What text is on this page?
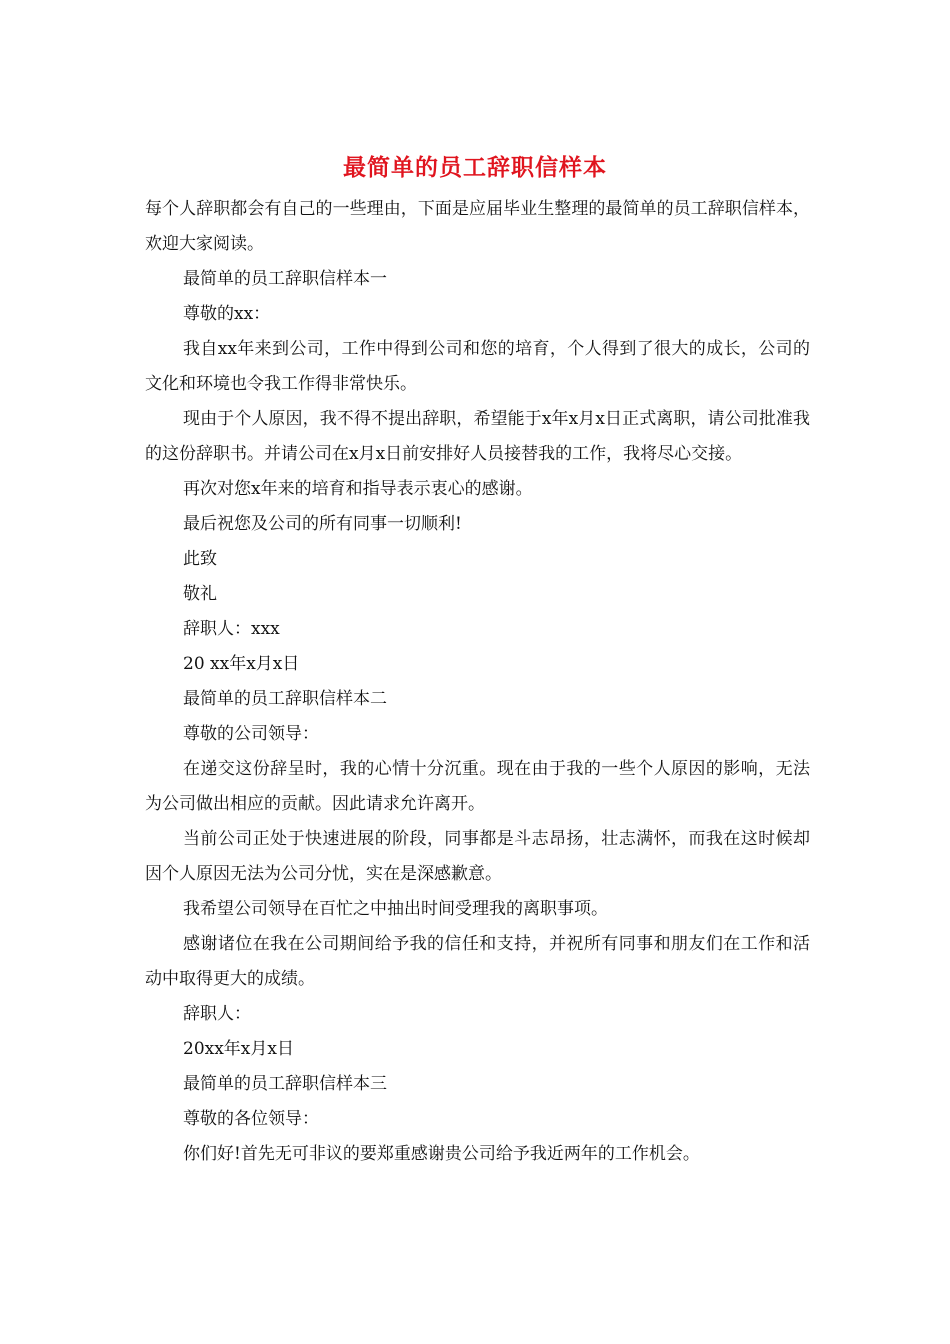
最简单的员工辞职信样本

每个人辞职都会有自己的一些理由，下面是应届毕业生整理的最简单的员工辞职信样本，欢迎大家阅读。

最简单的员工辞职信样本一

尊敬的xx：

我自xx年来到公司，工作中得到公司和您的培育，个人得到了很大的成长，公司的文化和环境也令我工作得非常快乐。

现由于个人原因，我不得不提出辞职，希望能于x年x月x日正式离职，请公司批准我的这份辞职书。并请公司在x月x日前安排好人员接替我的工作，我将尽心交接。

再次对您x年来的培育和指导表示衷心的感谢。

最后祝您及公司的所有同事一切顺利!

此致

敬礼

辞职人：xxx

20 xx年x月x日

最简单的员工辞职信样本二

尊敬的公司领导：

在递交这份辞呈时，我的心情十分沉重。现在由于我的一些个人原因的影响，无法为公司做出相应的贡献。因此请求允许离开。

当前公司正处于快速进展的阶段，同事都是斗志昂扬，壮志满怀，而我在这时候却因个人原因无法为公司分忧，实在是深感歉意。

我希望公司领导在百忙之中抽出时间受理我的离职事项。

感谢诸位在我在公司期间给予我的信任和支持，并祝所有同事和朋友们在工作和活动中取得更大的成绩。

辞职人：

20xx年x月x日

最简单的员工辞职信样本三

尊敬的各位领导：

你们好!首先无可非议的要郑重感谢贵公司给予我近两年的工作机会。
